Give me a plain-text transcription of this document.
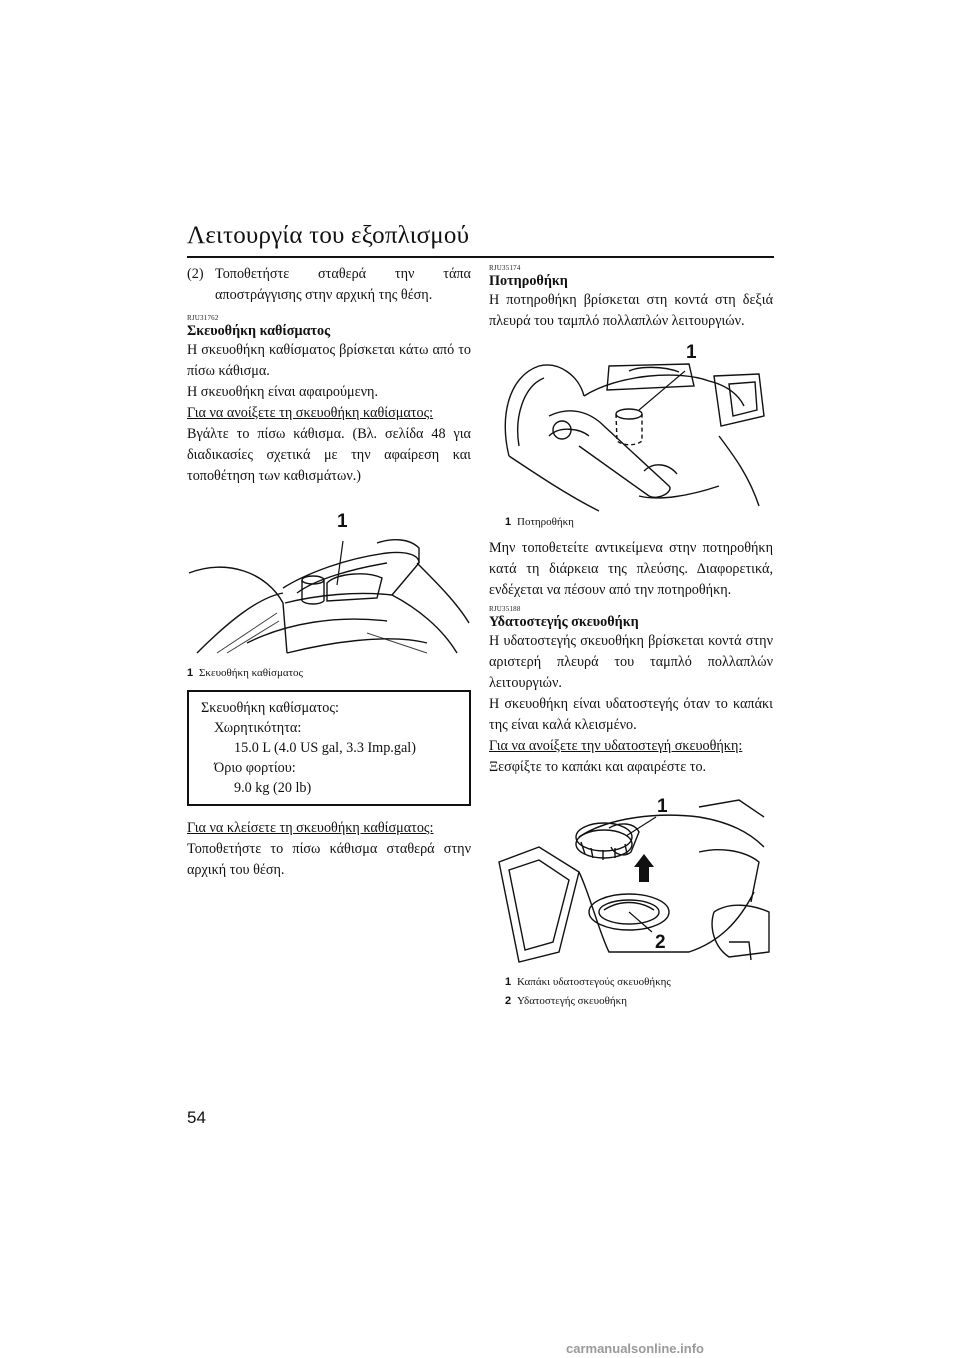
Λειτουργία του εξοπλισμού
(2) Τοποθετήστε σταθερά την τάπα αποστράγγισης στην αρχική της θέση.

RJU31762

Σκευοθήκη καθίσματος

Η σκευοθήκη καθίσματος βρίσκεται κάτω από το πίσω κάθισμα.

Η σκευοθήκη είναι αφαιρούμενη.

Για να ανοίξετε τη σκευοθήκη καθίσματος:

Βγάλτε το πίσω κάθισμα. (Βλ. σελίδα 48 για διαδικασίες σχετικά με την αφαίρεση και τοποθέτηση των καθισμάτων.)

1
1 Σκευοθήκη καθίσματος
Σκευοθήκη καθίσματος:
Χωρητικότητα:
15.0 L (4.0 US gal, 3.3 Imp.gal)
Όριο φορτίου:
9.0 kg (20 lb)

Για να κλείσετε τη σκευοθήκη καθίσματος:

Τοποθετήστε το πίσω κάθισμα σταθερά στην αρχική του θέση.

RJU35174

Ποτηροθήκη

Η ποτηροθήκη βρίσκεται στη κοντά στη δεξιά πλευρά του ταμπλό πολλαπλών λειτουργιών.

1
1 Ποτηροθήκη

Μην τοποθετείτε αντικείμενα στην ποτηροθήκη κατά τη διάρκεια της πλεύσης. Διαφορετικά, ενδέχεται να πέσουν από την ποτηροθήκη.

RJU35188

Υδατοστεγής σκευοθήκη

Η υδατοστεγής σκευοθήκη βρίσκεται κοντά στην αριστερή πλευρά του ταμπλό πολλαπλών λειτουργιών.

Η σκευοθήκη είναι υδατοστεγής όταν το καπάκι της είναι καλά κλεισμένο.

Για να ανοίξετε την υδατοστεγή σκευοθήκη:

Ξεσφίξτε το καπάκι και αφαιρέστε το.

1
2
1 Καπάκι υδατοστεγούς σκευοθήκης
2 Υδατοστεγής σκευοθήκη
54
carmanualsonline.info
